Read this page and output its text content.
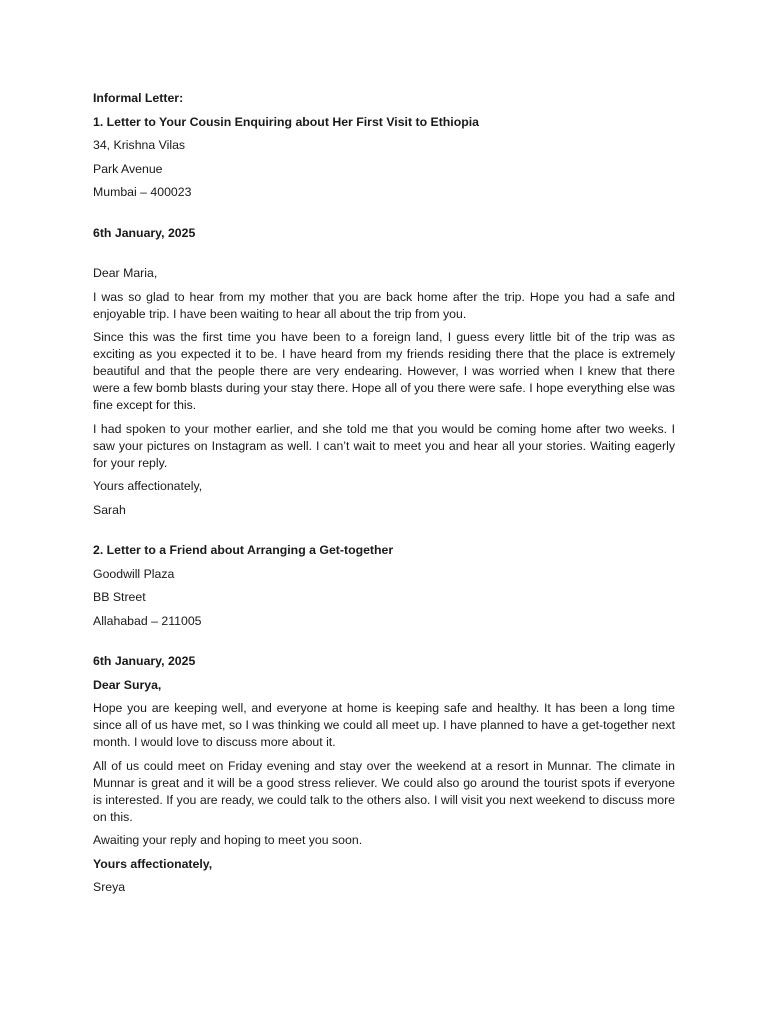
Informal Letter:
1. Letter to Your Cousin Enquiring about Her First Visit to Ethiopia
34, Krishna Vilas
Park Avenue
Mumbai – 400023
6th January, 2025
Dear Maria,

I was so glad to hear from my mother that you are back home after the trip. Hope you had a safe and enjoyable trip. I have been waiting to hear all about the trip from you.

Since this was the first time you have been to a foreign land, I guess every little bit of the trip was as exciting as you expected it to be. I have heard from my friends residing there that the place is extremely beautiful and that the people there are very endearing. However, I was worried when I knew that there were a few bomb blasts during your stay there. Hope all of you there were safe. I hope everything else was fine except for this.

I had spoken to your mother earlier, and she told me that you would be coming home after two weeks. I saw your pictures on Instagram as well. I can’t wait to meet you and hear all your stories. Waiting eagerly for your reply.

Yours affectionately,
Sarah
2. Letter to a Friend about Arranging a Get-together
Goodwill Plaza
BB Street
Allahabad – 211005
6th January, 2025
Dear Surya,

Hope you are keeping well, and everyone at home is keeping safe and healthy. It has been a long time since all of us have met, so I was thinking we could all meet up. I have planned to have a get-together next month. I would love to discuss more about it.

All of us could meet on Friday evening and stay over the weekend at a resort in Munnar. The climate in Munnar is great and it will be a good stress reliever. We could also go around the tourist spots if everyone is interested. If you are ready, we could talk to the others also. I will visit you next weekend to discuss more on this.

Awaiting your reply and hoping to meet you soon.

Yours affectionately,
Sreya
